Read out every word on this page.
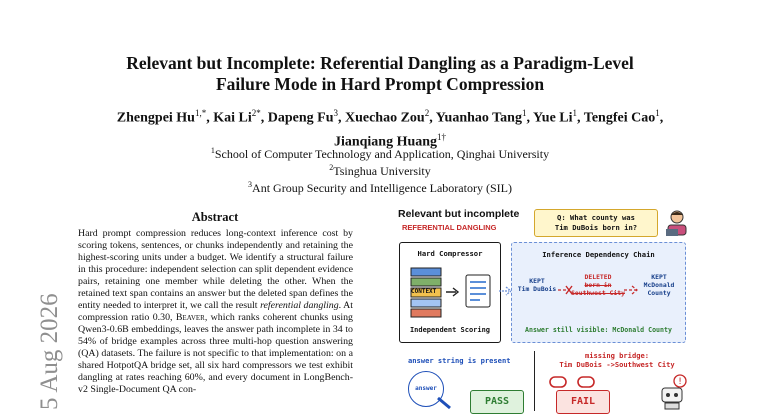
5 Aug 2026
Relevant but Incomplete: Referential Dangling as a Paradigm-Level
Failure Mode in Hard Prompt Compression
Zhengpei $Hu^{1,*}$, Kai $Li^{2*}$, Dapeng Fu$^3$, Xuechao Zou$^2$, Yuanhao Tang$^1$, Yue Li$^1$, Tengfei Cao$^1$,
Jianqiang Huang$^{1\dagger}$
$^1$School of Computer Technology and Application, Qinghai University
$^2$Tsinghua University
$^3$Ant Group Security and Intelligence Laboratory (SIL)
Abstract
Hard prompt compression reduces long-context inference cost by scoring tokens, sentences, or chunks independently and retaining the highest-scoring units under a budget. We identify a structural failure in this procedure: independent selection can split dependent evidence pairs, retaining one member while deleting the other. When the retained text span contains an answer but the deleted span defines the entity needed to interpret it, we call the result referential dangling. At compression ratio 0.30, Beaver, which ranks coherent chunks using Qwen3-0.6B embeddings, leaves the answer path incomplete in 34 to 54% of bridge examples across three multi-hop question answering (QA) datasets. The failure is not specific to that implementation: on a shared HotpotQA bridge set, all six hard compressors we test exhibit dangling at rates reaching 60%, and every document in LongBench-v2 Single-Document QA con-
Relevant but incomplete
REFERENTIAL DANGLING
Q: What county was
Tim DuBois born in?
Hard Compressor
CONTEXT
Independent Scoring
Inference Dependency Chain
KEPT
Tim DuBois
DELETED
born in
Southwest City
KEPT
McDonald
County
Answer still visible: McDonald County
answer string is present
answer
PASS
missing bridge:
Tim DuBois ->Southwest City
FAIL
!
